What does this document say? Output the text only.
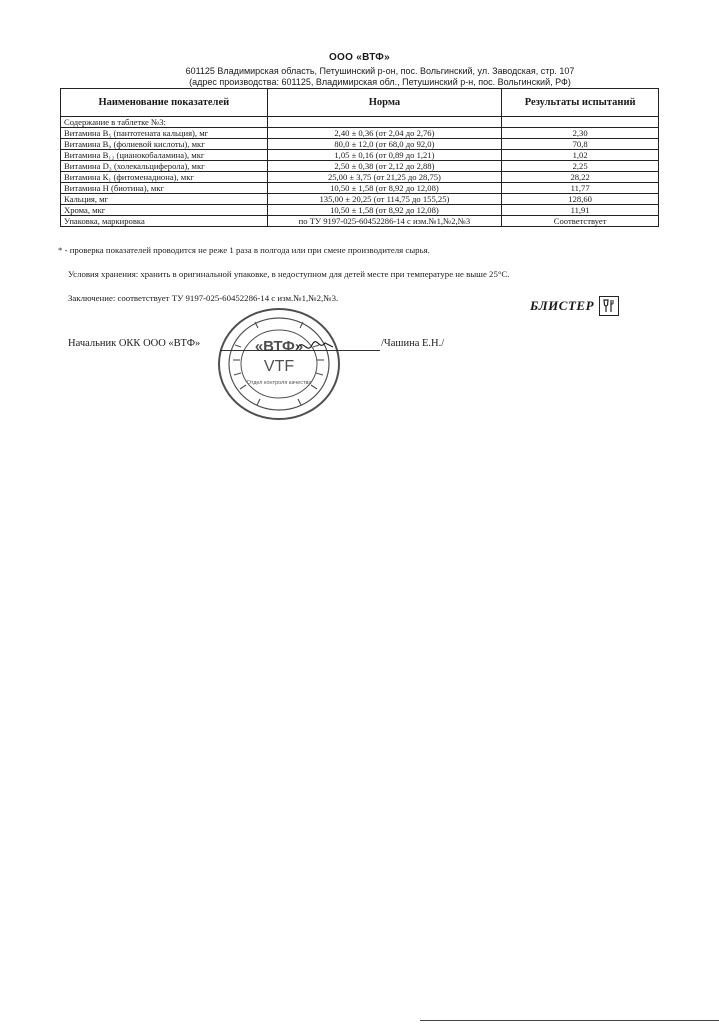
ООО «ВТФ»
601125 Владимирская область, Петушинский р-он, пос. Вольгинский, ул. Заводская, стр. 107
(адрес производства: 601125, Владимирская обл., Петушинский р-н, пос. Вольгинский, РФ)
Наименование показателей	Норма	Результаты испытаний
Содержание в таблетке №3:		
Витамина В₅ (пантотената кальция), мг	2,40 ± 0,36 (от 2,04 до 2,76)	2,30
Витамина В₉ (фолиевой кислоты), мкг	80,0 ± 12,0 (от 68,0 до 92,0)	70,8
Витамина В₁₂ (цианокобаламина), мкг	1,05 ± 0,16 (от 0,89 до 1,21)	1,02
Витамина D₃ (холекальциферола), мкг	2,50 ± 0,38 (от 2,12 до 2,88)	2,25
Витамина К₁ (фитоменадиона), мкг	25,00 ± 3,75 (от 21,25 до 28,75)	28,22
Витамина Н (биотина), мкг	10,50 ± 1,58 (от 8,92 до 12,08)	11,77
Кальция, мг	135,00 ± 20,25 (от 114,75 до 155,25)	128,60
Хрома, мкг	10,50 ± 1,58 (от 8,92 до 12,08)	11,91
Упаковка, маркировка	по ТУ 9197-025-60452286-14 с изм.№1,№2,№3	Соответствует
* - проверка показателей проводится не реже 1 раза в полгода или при смене производителя сырья.
Условия хранения: хранить в оригинальной упаковке, в недоступном для детей месте при температуре не выше 25°С.
Заключение: соответствует ТУ 9197-025-60452286-14 с изм.№1,№2,№3.	БЛИСТЕР
Начальник ОКК ООО «ВТФ»	/Чашина Е.Н./
«ВТФ»
VTF
Отдел контроля качества
